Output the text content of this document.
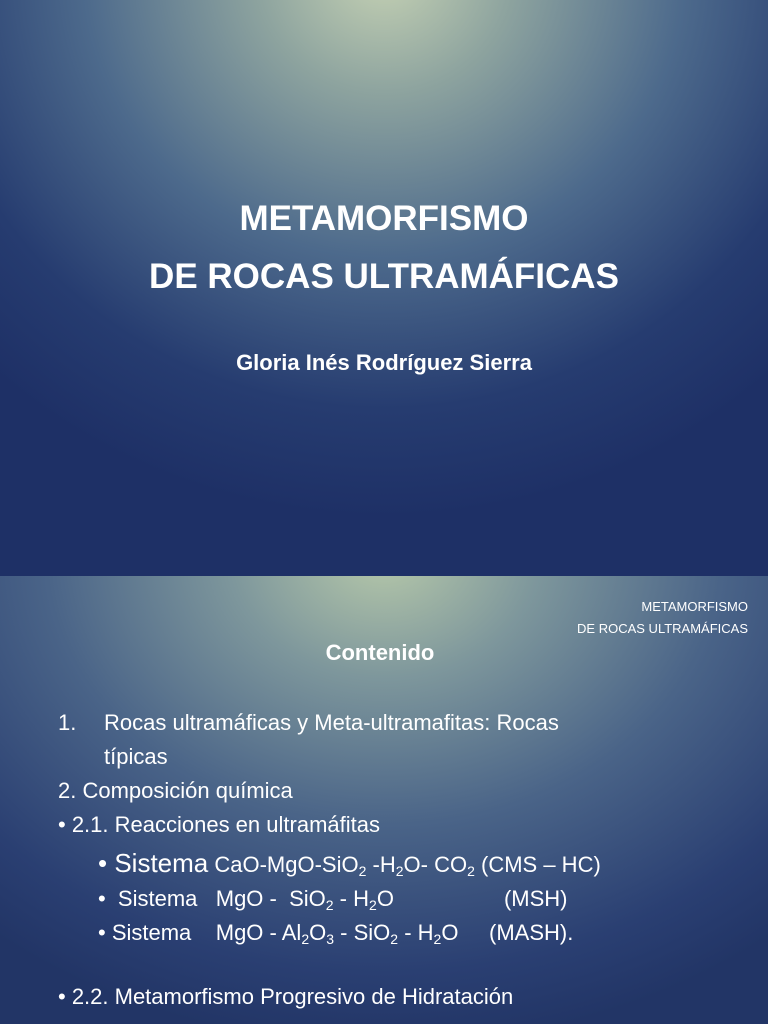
METAMORFISMO
DE ROCAS ULTRAMÁFICAS
Gloria Inés Rodríguez Sierra
METAMORFISMO
DE ROCAS ULTRAMÁFICAS
Contenido
1. Rocas ultramáficas y Meta-ultramafitas: Rocas
típicas
2. Composición química
• 2.1. Reacciones en ultramáfitas
• Sistema CaO-MgO-SiO$_2$ $-H_2O-$ $CO_2$ (CMS – HC)
•  Sistema   MgO -  $SiO_2 - H_2O$                  (MSH)
• Sistema    MgO - $Al_2O_3 - SiO_2 - H_2O$     (MASH).
• 2.2. Metamorfismo Progresivo de Hidratación
